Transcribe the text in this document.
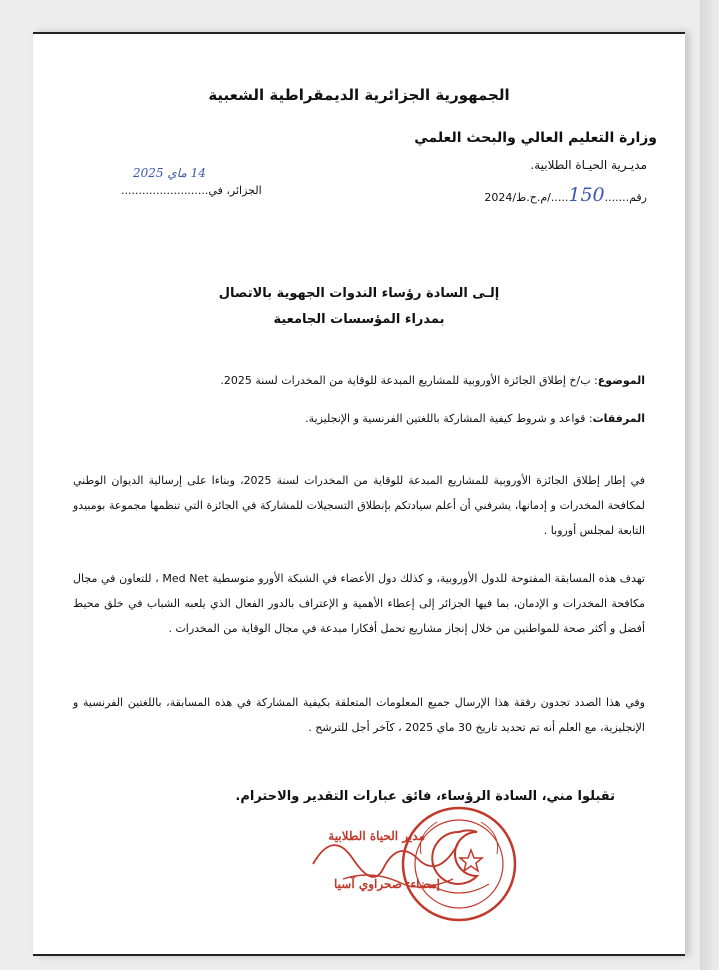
الجمهورية الجزائرية الديمقراطية الشعبية
وزارة التعليم العالي والبحث العلمي
مديـرية الحيـاة الطلابية.
رقم.......150...../م.ح.ط/2024
14 ماي 2025
الجزائر، في.........................
إلـى السادة رؤساء الندوات الجهوية بالاتصال
بمدراء المؤسسات الجامعية
الموضوع: ب/خ إطلاق الجائزة الأوروبية للمشاريع المبدعة للوقاية من المخدرات لسنة 2025.
المرفقات: قواعد و شروط كيفية المشاركة باللغتين الفرنسية و الإنجليزية.
في إطار إطلاق الجائزة الأوروبية للمشاريع المبدعة للوقاية من المخدرات لسنة 2025، وبناءا على إرسالية الديوان الوطني لمكافحة المخدرات و إدمانها، يشرفني أن أعلم سيادتكم بإنطلاق التسجيلات للمشاركة في الجائزة التي تنظمها مجموعة بومبيدو التابعة لمجلس أوروبا .
تهدف هذه المسابقة المفتوحة للدول الأوروبية، و كذلك دول الأعضاء في الشبكة الأورو متوسطية Med Net ، للتعاون في مجال مكافحة المخدرات و الإدمان، بما فيها الجزائر إلى إعطاء الأهمية و الإعتراف بالدور الفعال الذي يلعبه الشباب في خلق محيط أفضل و أكثر صحة للمواطنين من خلال إنجاز مشاريع تحمل أفكارا مبدعة في مجال الوقاية من المخدرات .
وفي هذا الصدد تجدون رفقة هذا الإرسال جميع المعلومات المتعلقة بكيفية المشاركة في هذه المسابقة، باللغتين الفرنسية و الإنجليزية، مع العلم أنه تم تحديد تاريخ 30 ماي 2025 ، كآخر أجل للترشح .
تقبلوا مني، السادة الرؤساء، فائق عبارات التقدير والاحترام.
مدير الحياة الطلابية
إمضاء: صحراوي آسيا
